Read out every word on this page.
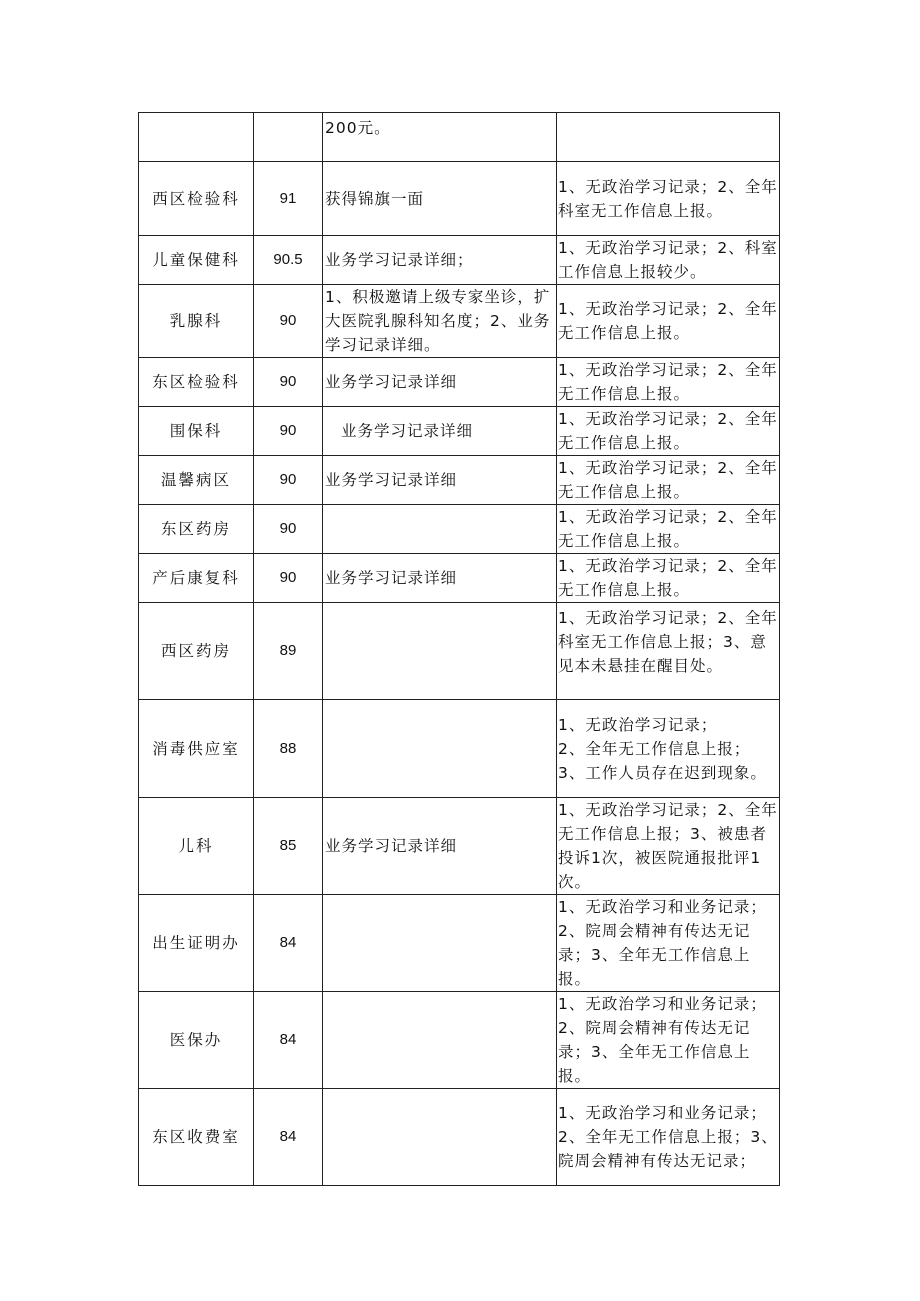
		200元。	

西区检验科	91	获得锦旗一面	1、无政治学习记录；2、全年科室无工作信息上报。

儿童保健科	90.5	业务学习记录详细；	1、无政治学习记录；2、科室工作信息上报较少。

乳腺科	90	1、积极邀请上级专家坐诊，扩大医院乳腺科知名度；2、业务学习记录详细。	1、无政治学习记录；2、全年无工作信息上报。

东区检验科	90	业务学习记录详细	1、无政治学习记录；2、全年无工作信息上报。

围保科	90	业务学习记录详细	1、无政治学习记录；2、全年无工作信息上报。

温馨病区	90	业务学习记录详细	1、无政治学习记录；2、全年无工作信息上报。

东区药房	90		1、无政治学习记录；2、全年无工作信息上报。

产后康复科	90	业务学习记录详细	1、无政治学习记录；2、全年无工作信息上报。

西区药房	89		1、无政治学习记录；2、全年科室无工作信息上报；3、意见本未悬挂在醒目处。

消毒供应室	88		1、无政治学习记录；
2、全年无工作信息上报；
3、工作人员存在迟到现象。

儿科	85	业务学习记录详细	1、无政治学习记录；2、全年无工作信息上报；3、被患者投诉1次，被医院通报批评1次。

出生证明办	84		1、无政治学习和业务记录；2、院周会精神有传达无记录；3、全年无工作信息上报。

医保办	84		1、无政治学习和业务记录；2、院周会精神有传达无记录；3、全年无工作信息上报。

东区收费室	84		1、无政治学习和业务记录；2、全年无工作信息上报；3、院周会精神有传达无记录；
